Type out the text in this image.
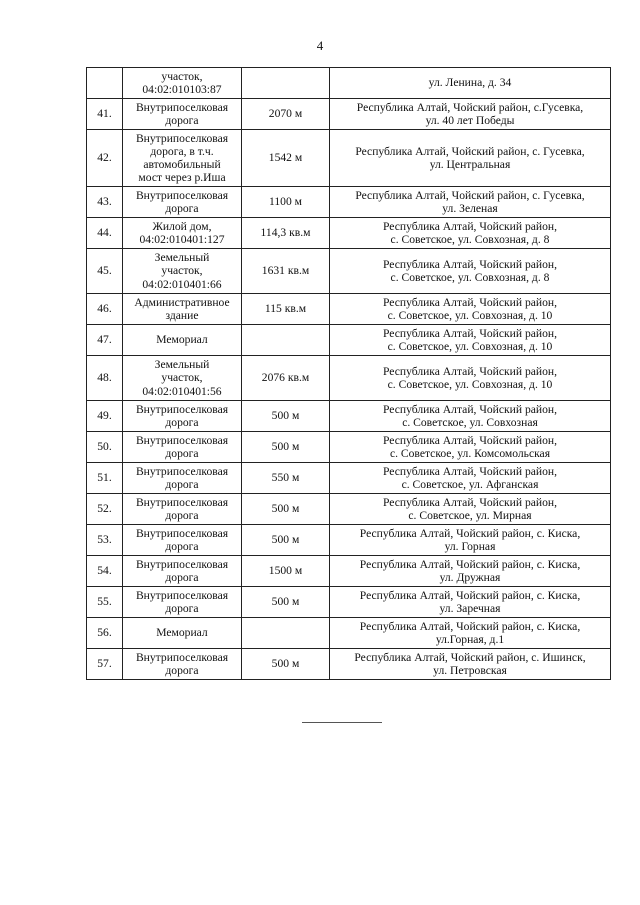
4
	участок,
04:02:010103:87		ул. Ленина, д. 34
41.	Внутрипоселковая
дорога	2070 м	Республика Алтай, Чойский район, с.Гусевка,
ул. 40 лет Победы
42.	Внутрипоселковая
дорога, в т.ч.
автомобильный
мост через р.Иша	1542 м	Республика Алтай, Чойский район, с. Гусевка,
ул. Центральная
43.	Внутрипоселковая
дорога	1100 м	Республика Алтай, Чойский район, с. Гусевка,
ул. Зеленая
44.	Жилой дом,
04:02:010401:127	114,3 кв.м	Республика Алтай, Чойский район,
с. Советское, ул. Совхозная, д. 8
45.	Земельный
участок,
04:02:010401:66	1631 кв.м	Республика Алтай, Чойский район,
с. Советское, ул. Совхозная, д. 8
46.	Административное
здание	115 кв.м	Республика Алтай, Чойский район,
с. Советское, ул. Совхозная, д. 10
47.	Мемориал		Республика Алтай, Чойский район,
с. Советское, ул. Совхозная, д. 10
48.	Земельный
участок,
04:02:010401:56	2076 кв.м	Республика Алтай, Чойский район,
с. Советское, ул. Совхозная, д. 10
49.	Внутрипоселковая
дорога	500 м	Республика Алтай, Чойский район,
с. Советское, ул. Совхозная
50.	Внутрипоселковая
дорога	500 м	Республика Алтай, Чойский район,
с. Советское, ул. Комсомольская
51.	Внутрипоселковая
дорога	550 м	Республика Алтай, Чойский район,
с. Советское, ул. Афганская
52.	Внутрипоселковая
дорога	500 м	Республика Алтай, Чойский район,
с. Советское, ул. Мирная
53.	Внутрипоселковая
дорога	500 м	Республика Алтай, Чойский район, с. Киска,
ул. Горная
54.	Внутрипоселковая
дорога	1500 м	Республика Алтай, Чойский район, с. Киска,
ул. Дружная
55.	Внутрипоселковая
дорога	500 м	Республика Алтай, Чойский район, с. Киска,
ул. Заречная
56.	Мемориал		Республика Алтай, Чойский район, с. Киска,
ул.Горная, д.1
57.	Внутрипоселковая
дорога	500 м	Республика Алтай, Чойский район, с. Ишинск,
ул. Петровская
